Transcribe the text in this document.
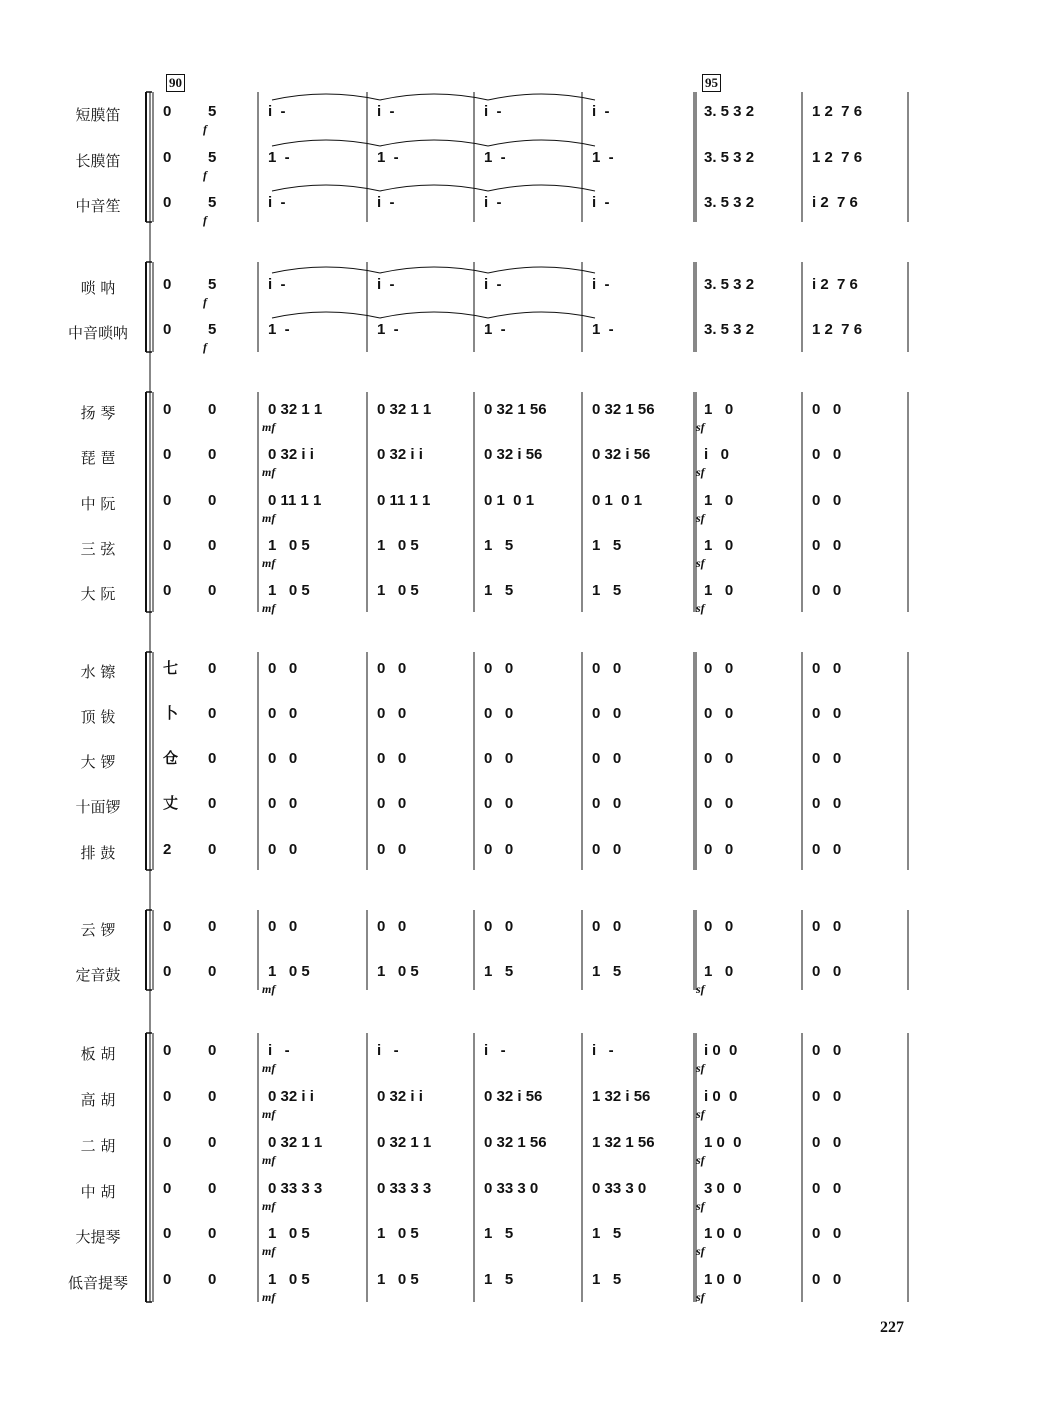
短膜笛	0 5	i  -	i  -	i  -	i  -	3. 5 3 2	1 2  7 6
f
长膜笛	0 5	1  -	1  -	1  -	1  -	3. 5 3 2	1 2  7 6
f
中音笙	0 5	i  -	i  -	i  -	i  -	3. 5 3 2	i 2  7 6
f
唢 呐	0 5	i  -	i  -	i  -	i  -	3. 5 3 2	i 2  7 6
f
中音唢呐	0 5	1  -	1  -	1  -	1  -	3. 5 3 2	1 2  7 6
f
扬 琴	0 0	0 32 1 1	0 32 1 1	0 32 1 56	0 32 1 56	1   0	0   0
mf	sf
琵 琶	0 0	0 32 i i	0 32 i i	0 32 i 56	0 32 i 56	i   0	0   0
mf	sf
中 阮	0 0	0 11 1 1	0 11 1 1	0 1  0 1	0 1  0 1	1   0	0   0
mf	sf
三 弦	0 0	1   0 5	1   0 5	1   5	1   5	1   0	0   0
mf	sf
大 阮	0 0	1   0 5	1   0 5	1   5	1   5	1   0	0   0
mf	sf
水 镲	七 0	0   0	0   0	0   0	0   0	0   0	0   0
顶 钹	卜 0	0   0	0   0	0   0	0   0	0   0	0   0
大 锣	仓 0	0   0	0   0	0   0	0   0	0   0	0   0
十面锣	丈 0	0   0	0   0	0   0	0   0	0   0	0   0
排 鼓	2 0	0   0	0   0	0   0	0   0	0   0	0   0
云 锣	0 0	0   0	0   0	0   0	0   0	0   0	0   0
定音鼓	0 0	1   0 5	1   0 5	1   5	1   5	1   0	0   0
mf	sf
板 胡	0 0	i   -	i   -	i   -	i   -	i 0  0	0   0
mf	sf
高 胡	0 0	0 32 i i	0 32 i i	0 32 i 56	1 32 i 56	i 0  0	0   0
mf	sf
二 胡	0 0	0 32 1 1	0 32 1 1	0 32 1 56	1 32 1 56	1 0  0	0   0
mf	sf
中 胡	0 0	0 33 3 3	0 33 3 3	0 33 3 0	0 33 3 0	3 0  0	0   0
mf	sf
大提琴	0 0	1   0 5	1   0 5	1   5	1   5	1 0  0	0   0
mf	sf
低音提琴	0 0	1   0 5	1   0 5	1   5	1   5	1 0  0	0   0
mf	sf
90	95
227
